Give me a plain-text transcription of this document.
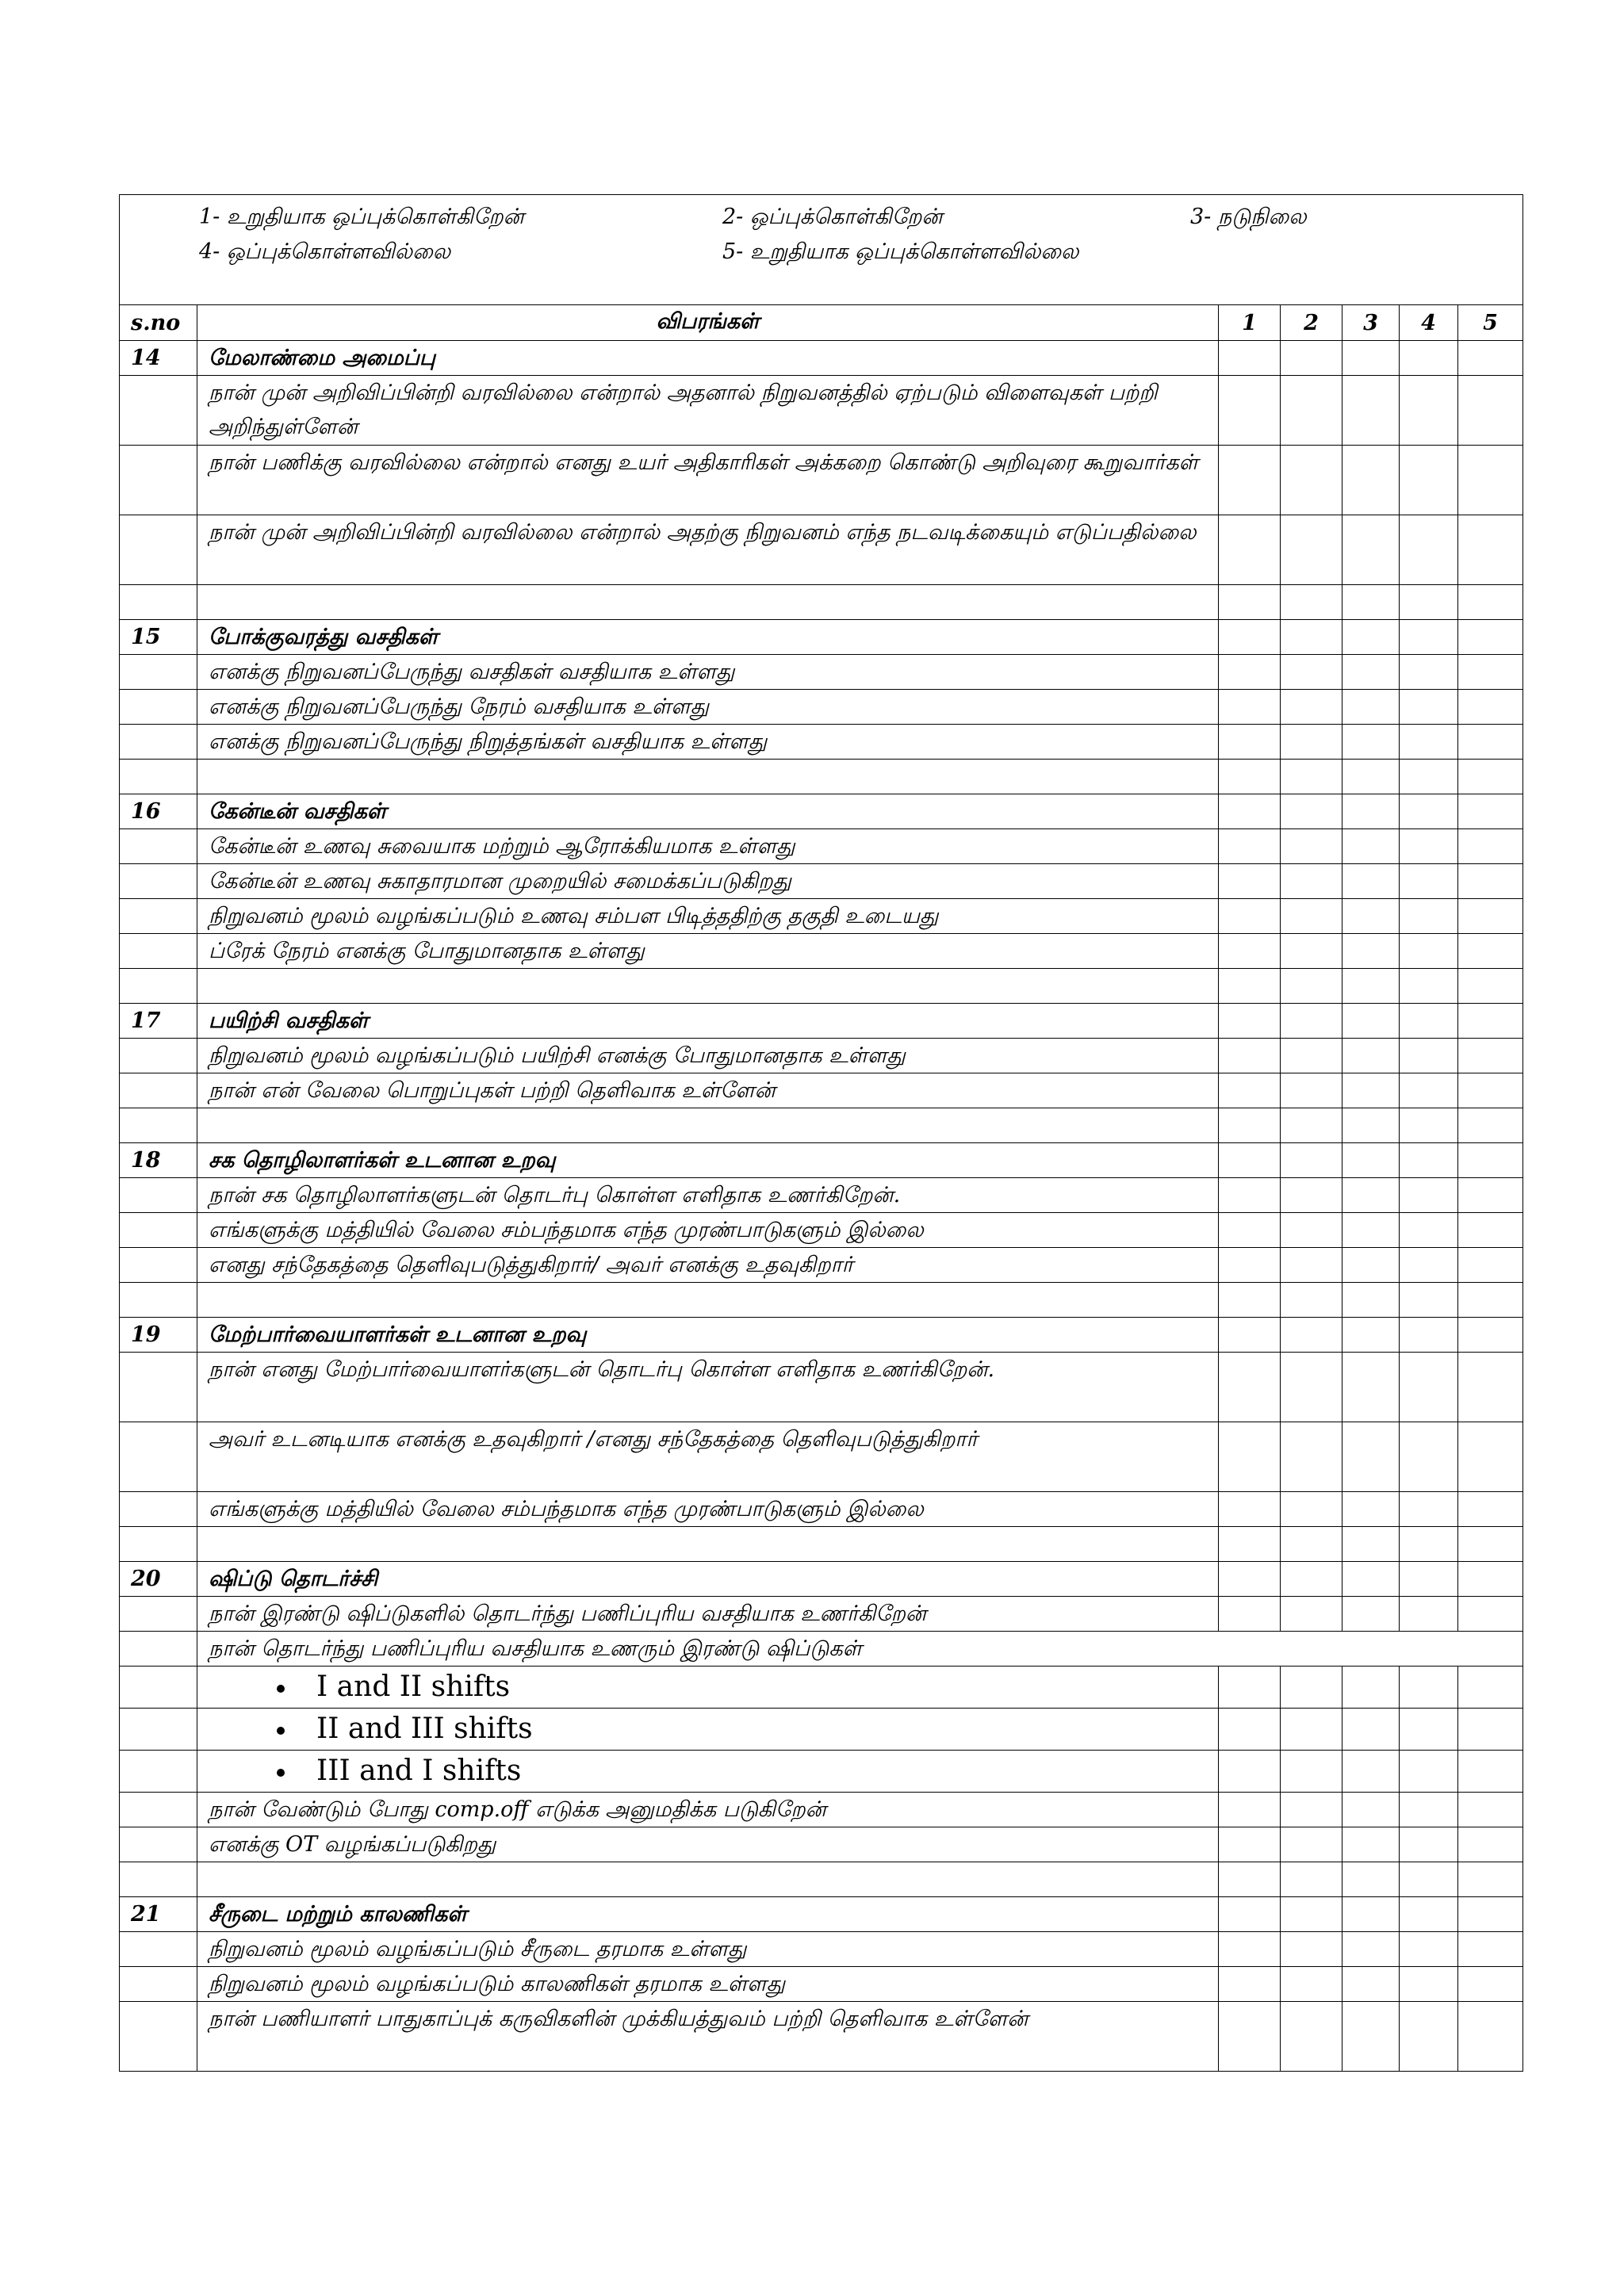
1- உறுதியாக ஒப்புக்கொள்கிறேன் 2- ஒப்புக்கொள்கிறேன் 3- நடுநிலை
4- ஒப்புக்கொள்ளவில்லை 5- உறுதியாக ஒப்புக்கொள்ளவில்லை						

s.no	விபரங்கள்	1	2	3	4	5
14	மேலாண்மை அமைப்பு					
	நான் முன் அறிவிப்பின்றி வரவில்லை என்றால் அதனால் நிறுவனத்தில் ஏற்படும் விளைவுகள் பற்றி அறிந்துள்ளேன்					
	நான் பணிக்கு வரவில்லை என்றால் எனது உயர் அதிகாரிகள் அக்கறை கொண்டு அறிவுரை கூறுவார்கள்					
	நான் முன் அறிவிப்பின்றி வரவில்லை என்றால் அதற்கு நிறுவனம் எந்த நடவடிக்கையும் எடுப்பதில்லை					

15	போக்குவரத்து வசதிகள்					
	எனக்கு நிறுவனப்பேருந்து வசதிகள் வசதியாக உள்ளது					
	எனக்கு நிறுவனப்பேருந்து நேரம் வசதியாக உள்ளது					
	எனக்கு நிறுவனப்பேருந்து நிறுத்தங்கள் வசதியாக உள்ளது					

16	கேன்டீன் வசதிகள்					
	கேன்டீன் உணவு சுவையாக மற்றும் ஆரோக்கியமாக உள்ளது					
	கேன்டீன் உணவு சுகாதாரமான முறையில் சமைக்கப்படுகிறது					
	நிறுவனம் மூலம் வழங்கப்படும் உணவு சம்பள பிடித்ததிற்கு தகுதி உடையது					
	ப்ரேக் நேரம் எனக்கு போதுமானதாக உள்ளது					

17	பயிற்சி வசதிகள்					
	நிறுவனம் மூலம் வழங்கப்படும் பயிற்சி எனக்கு போதுமானதாக உள்ளது					
	நான் என் வேலை பொறுப்புகள் பற்றி தெளிவாக உள்ளேன்					

18	சக தொழிலாளர்கள் உடனான உறவு					
	நான் சக தொழிலாளர்களுடன் தொடர்பு கொள்ள எளிதாக உணர்கிறேன்.					
	எங்களுக்கு மத்தியில் வேலை சம்பந்தமாக எந்த முரண்பாடுகளும் இல்லை					
	எனது சந்தேகத்தை தெளிவுபடுத்துகிறார்/ அவர் எனக்கு உதவுகிறார்					

19	மேற்பார்வையாளர்கள் உடனான உறவு					
	நான் எனது மேற்பார்வையாளர்களுடன் தொடர்பு கொள்ள எளிதாக உணர்கிறேன்.					
	அவர் உடனடியாக எனக்கு உதவுகிறார் /எனது சந்தேகத்தை தெளிவுபடுத்துகிறார்					
	எங்களுக்கு மத்தியில் வேலை சம்பந்தமாக எந்த முரண்பாடுகளும் இல்லை					

20	ஷிப்டு தொடர்ச்சி					
	நான் இரண்டு ஷிப்டுகளில் தொடர்ந்து பணிப்புரிய வசதியாக உணர்கிறேன்					
	நான் தொடர்ந்து பணிப்புரிய வசதியாக உணரும் இரண்டு ஷிப்டுகள்					
	I and II shifts					
	II and III shifts					
	III and I shifts					
	நான் வேண்டும் போது comp.off எடுக்க அனுமதிக்க படுகிறேன்					
	எனக்கு OT வழங்கப்படுகிறது					

21	சீருடை மற்றும் காலணிகள்					
	நிறுவனம் மூலம் வழங்கப்படும் சீருடை தரமாக உள்ளது					
	நிறுவனம் மூலம் வழங்கப்படும் காலணிகள் தரமாக உள்ளது					
	நான் பணியாளர் பாதுகாப்புக் கருவிகளின் முக்கியத்துவம் பற்றி தெளிவாக உள்ளேன்					
